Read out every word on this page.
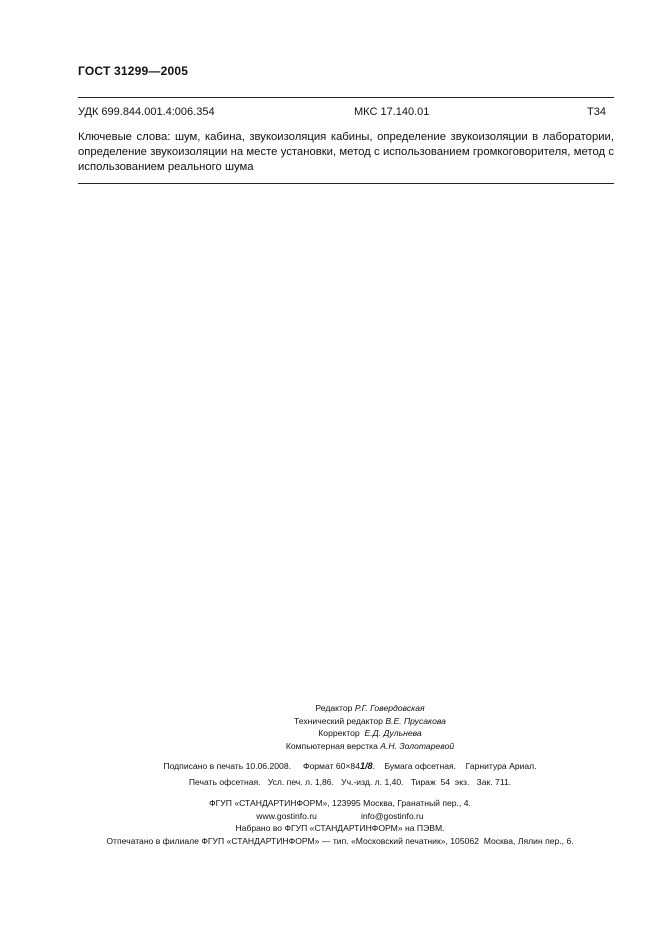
ГОСТ 31299—2005
УДК 699.844.001.4:006.354	МКС 17.140.01	Т34
Ключевые слова: шум, кабина, звукоизоляция кабины, определение звукоизоляции в лаборатории,
определение звукоизоляции на месте установки, метод с использованием громкоговорителя, метод с
использованием реального шума
Редактор Р.Г. Говердовская
Технический редактор В.Е. Прусакова
Корректор Е.Д. Дульнева
Компьютерная верстка А.Н. Золотаревой
Подписано в печать 10.06.2008. Формат 60×841/8.    Бумага офсетная. Гарнитура Ариал.
Печать офсетная.   Усл. печ. л. 1,86.   Уч.-изд. л. 1,40.   Тираж  54  экз.   Зак. 711.
ФГУП «СТАНДАРТИНФОРМ», 123995 Москва, Гранатный пер., 4.
www.gostinfo.ru	info@gostinfo.ru
Набрано во ФГУП «СТАНДАРТИНФОРМ» на ПЭВМ.
Отпечатано в филиале ФГУП «СТАНДАРТИНФОРМ» — тип. «Московский печатник», 105062  Москва, Лялин пер., 6.
